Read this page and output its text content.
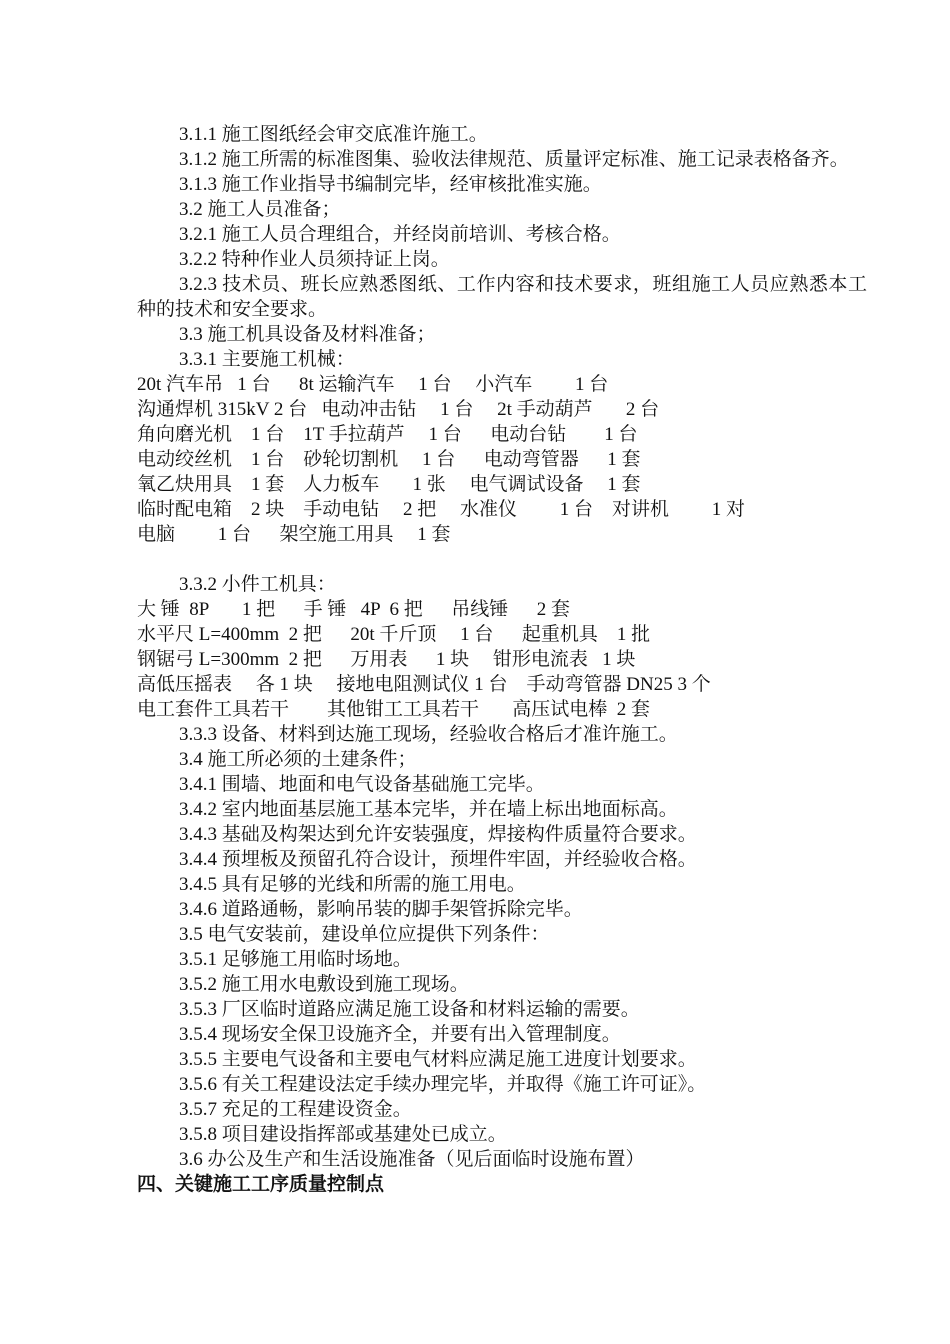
3.1.1 施工图纸经会审交底准许施工。

3.1.2 施工所需的标准图集、验收法律规范、质量评定标准、施工记录表格备齐。

3.1.3 施工作业指导书编制完毕，经审核批准实施。

3.2 施工人员准备；

3.2.1 施工人员合理组合，并经岗前培训、考核合格。

3.2.2 特种作业人员须持证上岗。

3.2.3 技术员、班长应熟悉图纸、工作内容和技术要求，班组施工人员应熟悉本工种的技术和安全要求。

3.3 施工机具设备及材料准备；

3.3.1 主要施工机械：

20t 汽车吊   1 台      8t 运输汽车     1 台     小汽车         1 台

沟通焊机 315kV 2 台   电动冲击钻     1 台     2t 手动葫芦       2 台

角向磨光机    1 台    1T 手拉葫芦     1 台      电动台钻        1 台

电动绞丝机    1 台    砂轮切割机     1 台      电动弯管器      1 套

氧乙炔用具    1 套    人力板车       1 张     电气调试设备     1 套

临时配电箱    2 块    手动电钻     2 把     水准仪         1 台    对讲机         1 对

电脑         1 台      架空施工用具     1 套

3.3.2 小件工机具：

大 锤  8P       1 把      手 锤   4P  6 把      吊线锤      2 套

水平尺 L=400mm  2 把      20t 千斤顶     1 台      起重机具    1 批

钢锯弓 L=300mm  2 把      万用表      1 块     钳形电流表   1 块

高低压摇表     各 1 块     接地电阻测试仪 1 台    手动弯管器 DN25 3 个

电工套件工具若干        其他钳工工具若干       高压试电棒  2 套

3.3.3 设备、材料到达施工现场，经验收合格后才准许施工。

3.4 施工所必须的土建条件；

3.4.1 围墙、地面和电气设备基础施工完毕。

3.4.2 室内地面基层施工基本完毕，并在墙上标出地面标高。

3.4.3 基础及构架达到允许安装强度，焊接构件质量符合要求。

3.4.4 预埋板及预留孔符合设计，预埋件牢固，并经验收合格。

3.4.5 具有足够的光线和所需的施工用电。

3.4.6 道路通畅，影响吊装的脚手架管拆除完毕。

3.5 电气安装前，建设单位应提供下列条件：

3.5.1 足够施工用临时场地。

3.5.2 施工用水电敷设到施工现场。

3.5.3 厂区临时道路应满足施工设备和材料运输的需要。

3.5.4 现场安全保卫设施齐全，并要有出入管理制度。

3.5.5 主要电气设备和主要电气材料应满足施工进度计划要求。

3.5.6 有关工程建设法定手续办理完毕，并取得《施工许可证》。

3.5.7 充足的工程建设资金。

3.5.8 项目建设指挥部或基建处已成立。

3.6 办公及生产和生活设施准备（见后面临时设施布置）

四、关键施工工序质量控制点
